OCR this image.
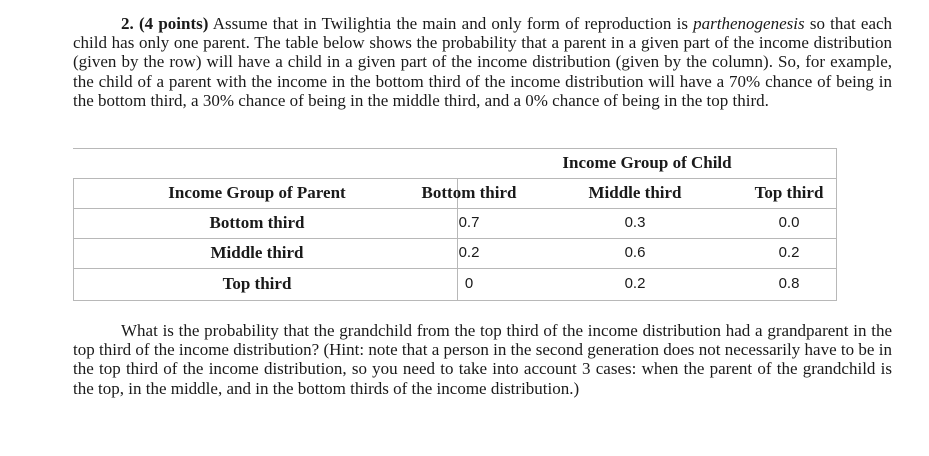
2. (4 points) Assume that in Twilightia the main and only form of reproduction is parthenogenesis so that each child has only one parent. The table below shows the probability that a parent in a given part of the income distribution (given by the row) will have a child in a given part of the income distribution (given by the column). So, for example, the child of a parent with the income in the bottom third of the income distribution will have a 70% chance of being in the bottom third, a 30% chance of being in the middle third, and a 0% chance of being in the top third.

Income Group of Child
Income Group of Parent	Bottom third	Middle third	Top third
Bottom third	0.7	0.3	0.0
Middle third	0.2	0.6	0.2
Top third	0	0.2	0.8

What is the probability that the grandchild from the top third of the income distribution had a grandparent in the top third of the income distribution? (Hint: note that a person in the second generation does not necessarily have to be in the top third of the income distribution, so you need to take into account 3 cases: when the parent of the grandchild is the top, in the middle, and in the bottom thirds of the income distribution.)
